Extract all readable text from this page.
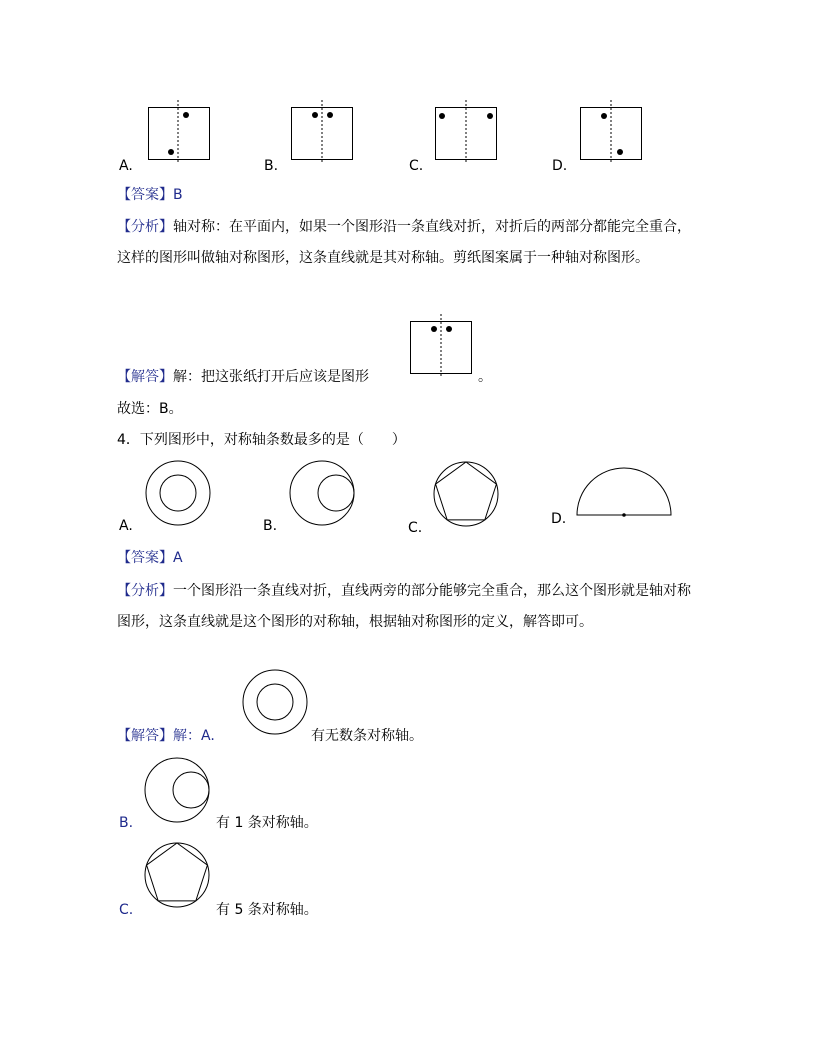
A.	B.	C.	D.
【答案】B
【分析】轴对称：在平面内，如果一个图形沿一条直线对折，对折后的两部分都能完全重合，这样的图形叫做轴对称图形，这条直线就是其对称轴。剪纸图案属于一种轴对称图形。
【解答】解：把这张纸打开后应该是图形	。
故选：B。
4．下列图形中，对称轴条数最多的是（　　）
A.	B.	C.
D.
【答案】A
【分析】一个图形沿一条直线对折，直线两旁的部分能够完全重合，那么这个图形就是轴对称图形，这条直线就是这个图形的对称轴，根据轴对称图形的定义，解答即可。
【解答】解：A.	有无数条对称轴。
B.	有 1 条对称轴。
C.	有 5 条对称轴。
